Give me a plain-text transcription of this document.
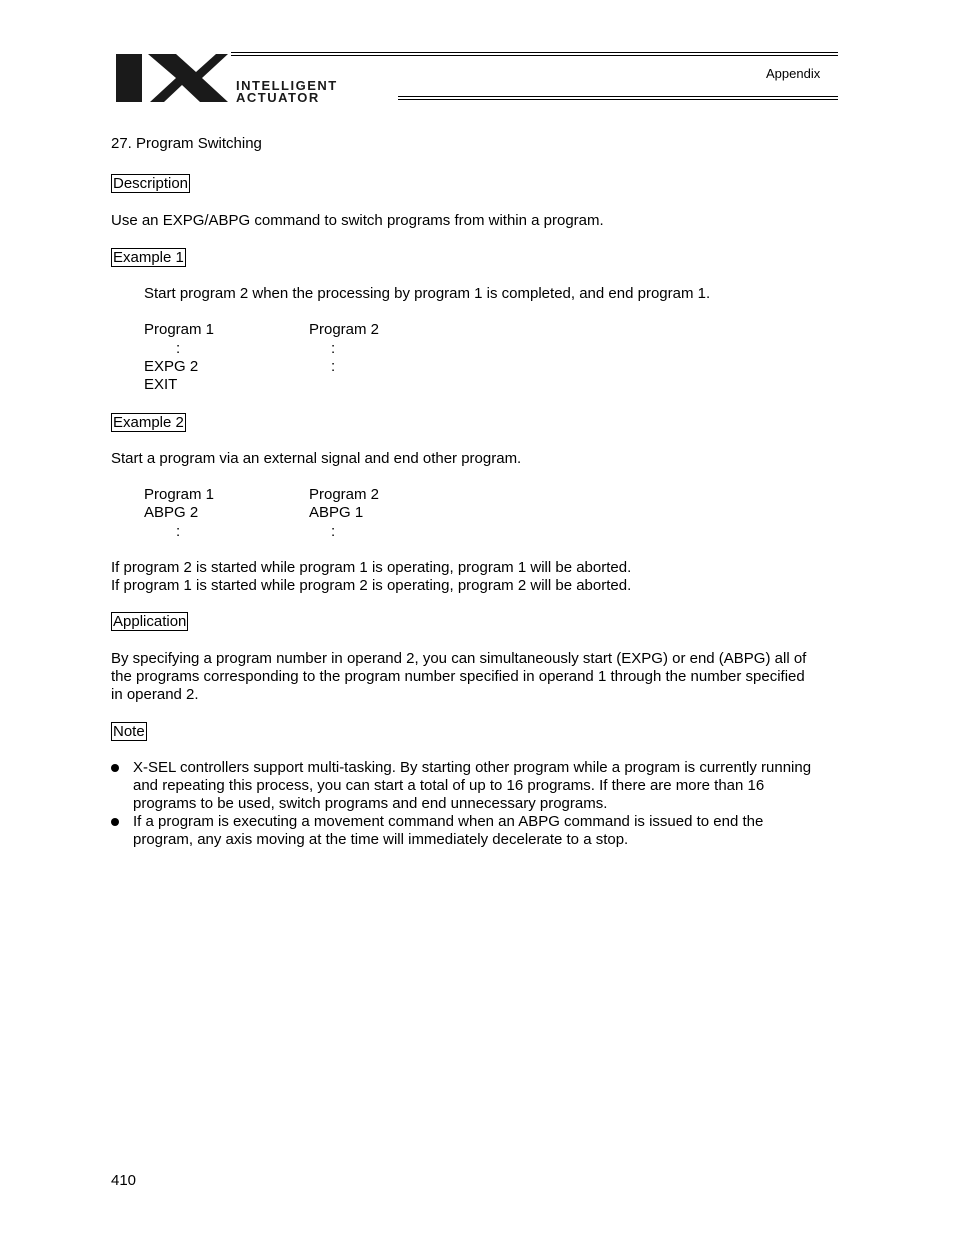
INTELLIGENT
ACTUATOR
Appendix
27. Program Switching
Description
Use an EXPG/ABPG command to switch programs from within a program.
Example 1
Start program 2 when the processing by program 1 is completed, and end program 1.
Program 1
:
EXPG 2
EXIT
Program 2
:
:
Example 2
Start a program via an external signal and end other program.
Program 1
ABPG 2
:
Program 2
ABPG 1
:
If program 2 is started while program 1 is operating, program 1 will be aborted.
If program 1 is started while program 2 is operating, program 2 will be aborted.
Application
By specifying a program number in operand 2, you can simultaneously start (EXPG) or end (ABPG) all of
the programs corresponding to the program number specified in operand 1 through the number specified
in operand 2.
Note
X-SEL controllers support multi-tasking. By starting other program while a program is currently running
and repeating this process, you can start a total of up to 16 programs. If there are more than 16
programs to be used, switch programs and end unnecessary programs.
If a program is executing a movement command when an ABPG command is issued to end the
program, any axis moving at the time will immediately decelerate to a stop.
410
